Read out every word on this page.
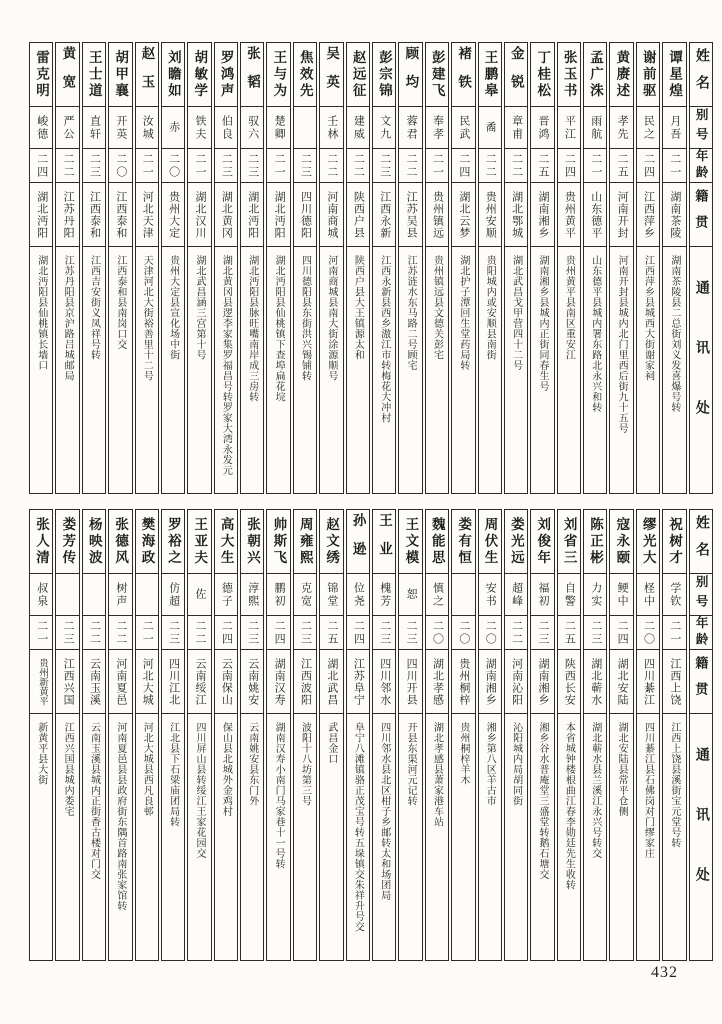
姓名
别号
年龄
籍贯
通讯处
谭星煌
月吾
二一
湖南茶陵
湖南茶陵县二总街刘义发喜爆号转
谢前驱
民之
二四
江西萍乡
江西萍乡县城西大街谢家祠
黄赓述
孝先
二五
河南开封
河南开封县城内北门里西后街九十五号
孟广洙
雨航
二一
山东德平
山东德平县城内署东路北永兴和转
张玉书
平江
二四
贵州黄平
贵州黄平县南区重安江
丁桂松
晋鸿
二五
湖南湘乡
湖南湘乡县城内正街同春生号
金锐
章甫
二二
湖北鄂城
湖北武昌戈甲营四十二号
王鹏皋
矞
二二
贵州安顺
贵阳城内或安顺县南街
褚铁
民武
二四
湖北云梦
湖北护子潭回生堂药局转
彭建飞
奉孝
二一
贵州镇远
贵州镇远县文德关彭宅
顾均
蓉君
二二
江苏吴县
江苏涟水东马路二号顾宅
彭宗锦
文九
二三
江西永新
江西永新县西乡滶江市转梅花大冲村
赵远征
建威
二二
陕西户县
陕西户县大王镇源太和
吴英
壬林
二二
河南商城
河南商城县南大街涂源顺号
焦效先
二三
四川德阳
四川德阳县东街洪兴锡铺转
王与为
楚卿
二一
湖北沔阳
湖北沔阳县仙桃镇下查埠扁花垸
张韬
驭六
二三
湖北沔阳
湖北沔阳县脉旺嘴南岸成三房转
罗鸿声
伯良
二三
湖北黄冈
湖北黄冈县逻李家集罗福昌号转罗家大湾永发元
胡敏学
铁夫
二一
湖北汉川
湖北武昌涵三宫第十号
刘瞻如
赤
二〇
贵州大定
贵州大定县宣化场中街
赵玉
汝城
二一
河北天津
天津河北大街裕善里十二号
胡甲襄
开英
二〇
江西泰和
江西泰和县南岗口交
王士道
直轩
二三
江西泰和
江西吉安街义凤祥号转
黄宽
严公
二二
江苏丹阳
江苏丹阳县京沪路吕城邮局
雷克明
峻德
二四
湖北沔阳
湖北沔阳县仙桃镇长墙口
姓名
别号
年龄
籍贯
通讯处
祝树才
学钦
二一
江西上饶
江西上饶县溪街宝元堂号转
缪光大
柽中
二〇
四川綦江
四川綦江县石佛岗对门缪家庄
寇永颐
鲠中
二四
湖北安陆
湖北安陆县常平仓侧
陈正彬
力实
二三
湖北蕲水
湖北蕲水县兰溪江永兴号转交
刘省三
自警
二五
陕西长安
本省城钟楼根曲江春李勋廷先生收转
刘俊年
福初
二三
湖南湘乡
湘乡谷水普庵堂三盛堂转鹅石塘交
娄光远
超峰
二二
河南沁阳
沁阳城内局胡同街
周伏生
安书
二〇
湖南湘乡
湘乡第八区羊古市
娄有恒
二〇
贵州桐梓
贵州桐梓羊木
魏能思
慎之
二〇
湖北孝感
湖北孝感县萧家港车站
王文模
恕
二三
四川开县
开县东渠河元记转
王业
槐芳
二三
四川邻水
四川邻水县北区柑子乡邮转太和场团局
孙逊
位尧
二四
江苏阜宁
阜宁八滩镇骆正茂宝号转五垛镇交朱祥升号交
赵文绣
锦堂
二五
湖北武昌
武昌金口
周雍熙
克宽
二三
江西波阳
波阳十八坊第三号
帅斯飞
鹏初
二四
湖南汉寿
湖南汉寿小南门马家巷十一号转
张朝兴
淳熙
二三
云南姚安
云南姚安县东门外
高大生
德子
二四
云南保山
保山县北城外金鸡村
王亚夫
佐
二二
云南绥江
四川屏山县转绥江王家花园交
罗裕之
仿超
二三
四川江北
江北县下石梁庙团局转
樊海政
二一
河北大城
河北大城县西凡良邨
张德风
树声
二二
河南夏邑
河南夏邑县县政府街东隅首路南张家馆转
杨映波
二二
云南玉溪
云南玉溪县城内正街香古楼对门交
娄芳传
二三
江西兴国
江西兴国县城内娄宅
张人清
叔泉
二一
贵州新黄平
新黄平县大街
432
